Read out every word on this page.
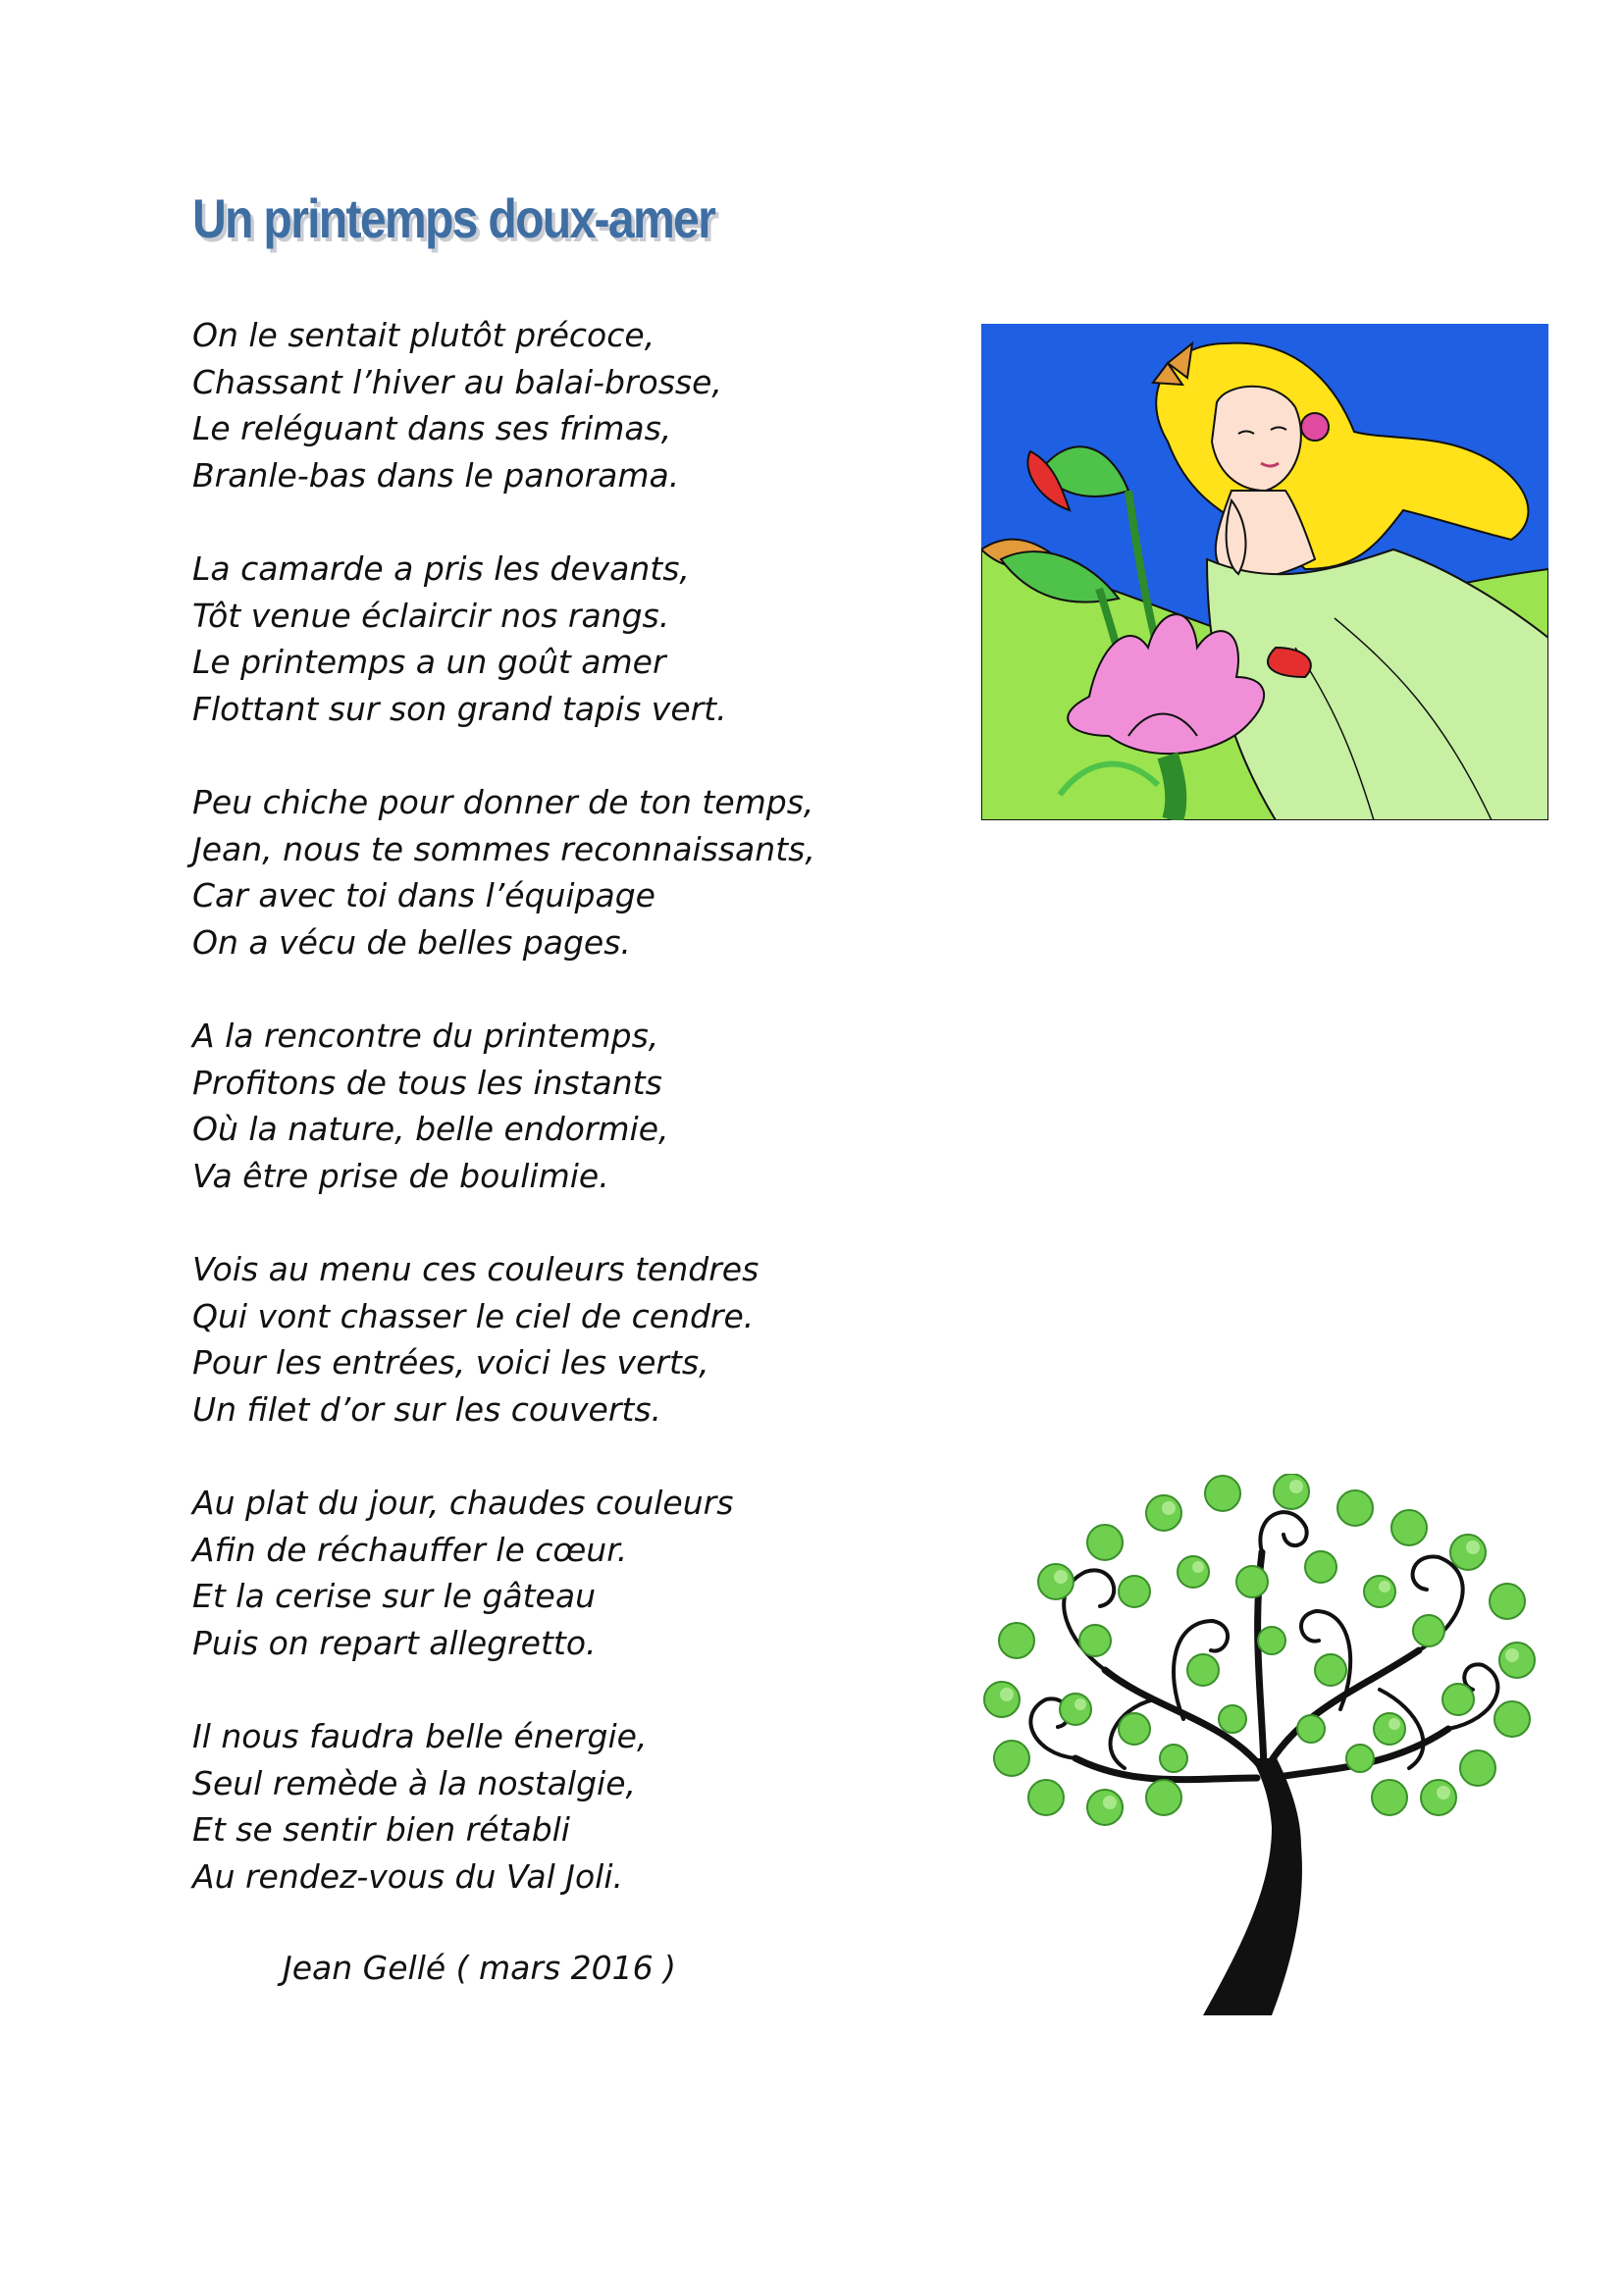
Un printemps doux-amer
On le sentait plutôt précoce,
Chassant l’hiver au balai-brosse,
Le reléguant dans ses frimas,
Branle-bas dans le panorama.
La camarde a pris les devants,
Tôt venue éclaircir nos rangs.
Le printemps a un goût amer
Flottant sur son grand tapis vert.
Peu chiche pour donner de ton temps,
Jean, nous te sommes reconnaissants,
Car avec toi dans l’équipage
On a vécu de belles pages.
A la rencontre du printemps,
Profitons de tous les instants
Où la nature, belle endormie,
Va être prise de boulimie.
Vois au menu ces couleurs tendres
Qui vont chasser le ciel de cendre.
Pour les entrées, voici les verts,
Un filet d’or sur les couverts.
Au plat du jour, chaudes couleurs
Afin de réchauffer le cœur.
Et la cerise sur le gâteau
Puis on repart allegretto.
Il nous faudra belle énergie,
Seul remède à la nostalgie,
Et se sentir bien rétabli
Au rendez-vous du Val Joli.
Jean Gellé ( mars 2016 )
